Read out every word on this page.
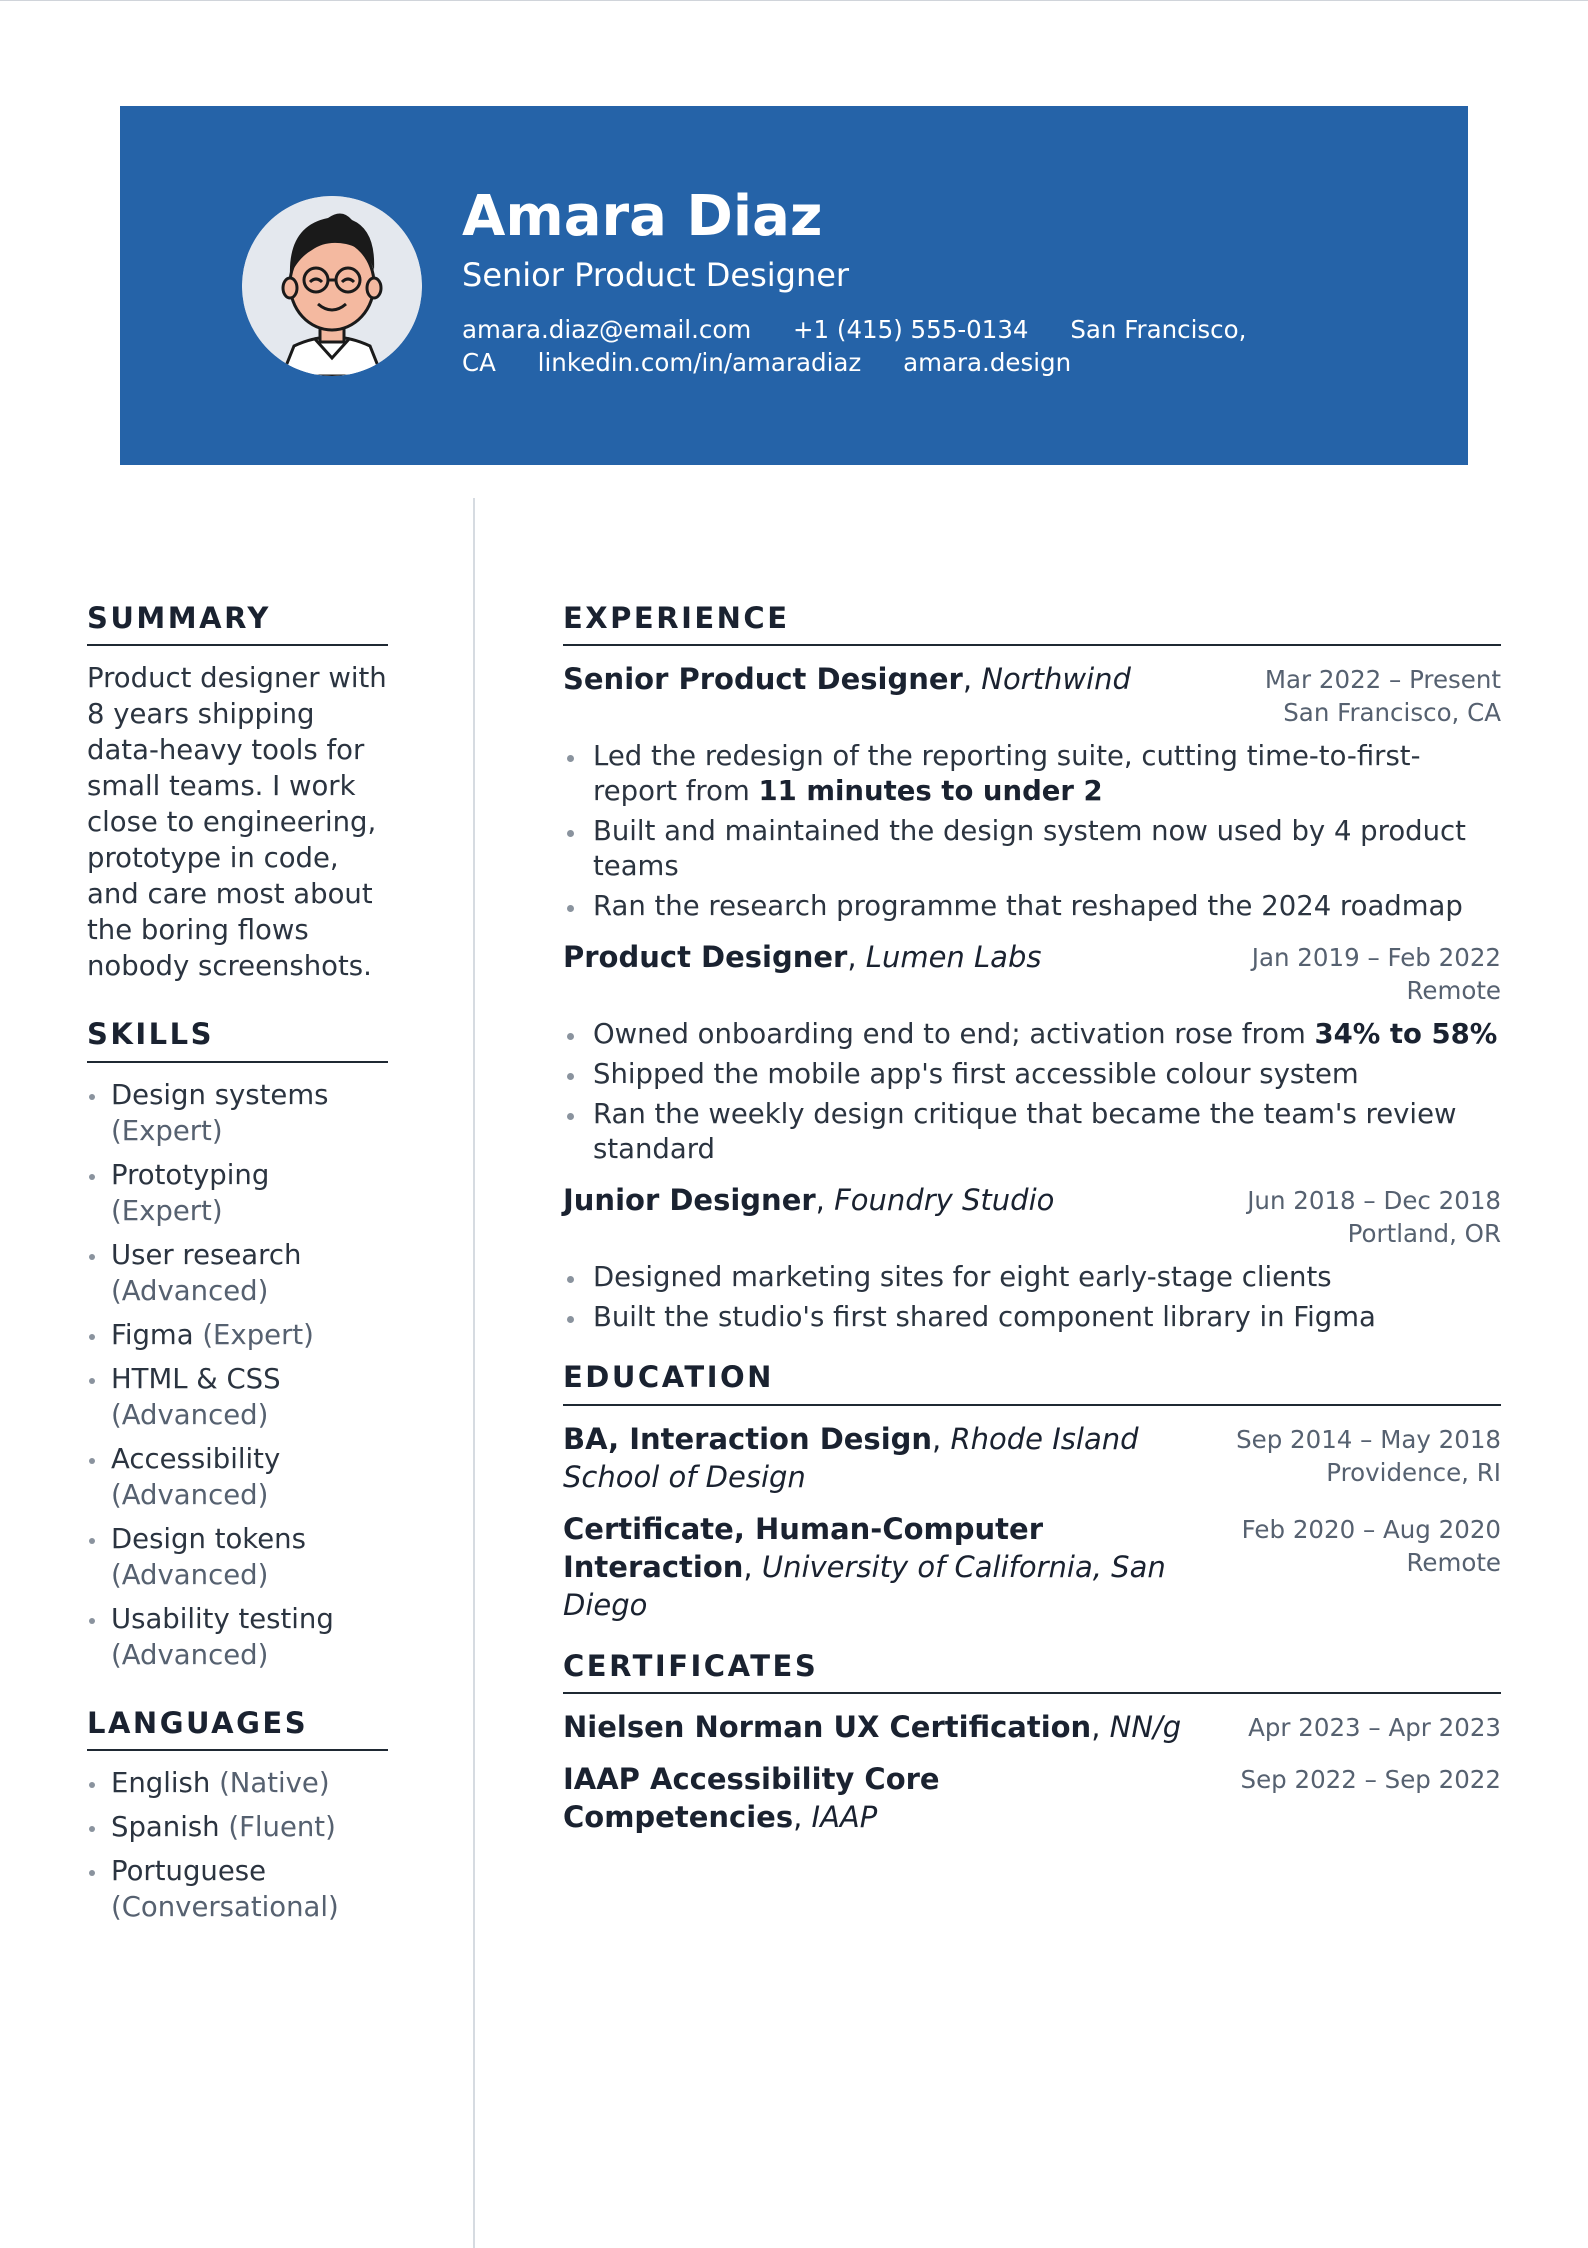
Amara Diaz
Senior Product Designer
amara.diaz@email.com +1 (415) 555-0134 San Francisco, CA linkedin.com/in/amaradiaz amara.design
SUMMARY

Product designer with 8 years shipping data-heavy tools for small teams. I work close to engineering, prototype in code, and care most about the boring flows nobody screenshots.

SKILLS
Design systems (Expert)
Prototyping (Expert)
User research (Advanced)
Figma (Expert)
HTML & CSS (Advanced)
Accessibility (Advanced)
Design tokens (Advanced)
Usability testing (Advanced)
LANGUAGES
English (Native)
Spanish (Fluent)
Portuguese (Conversational)
EXPERIENCE
Senior Product Designer, Northwind	Mar 2022 – Present
San Francisco, CA
Led the redesign of the reporting suite, cutting time-to-first-report from 11 minutes to under 2
Built and maintained the design system now used by 4 product teams
Ran the research programme that reshaped the 2024 roadmap
Product Designer, Lumen Labs	Jan 2019 – Feb 2022
Remote
Owned onboarding end to end; activation rose from 34% to 58%
Shipped the mobile app's first accessible colour system
Ran the weekly design critique that became the team's review standard
Junior Designer, Foundry Studio	Jun 2018 – Dec 2018
Portland, OR
Designed marketing sites for eight early-stage clients
Built the studio's first shared component library in Figma
EDUCATION
BA, Interaction Design, Rhode Island School of Design
Sep 2014 – May 2018
Providence, RI
Certificate, Human-Computer Interaction, University of California, San Diego
Feb 2020 – Aug 2020
Remote
CERTIFICATES
Nielsen Norman UX Certification, NN/g	Apr 2023 – Apr 2023
IAAP Accessibility Core Competencies, IAAP
Sep 2022 – Sep 2022
